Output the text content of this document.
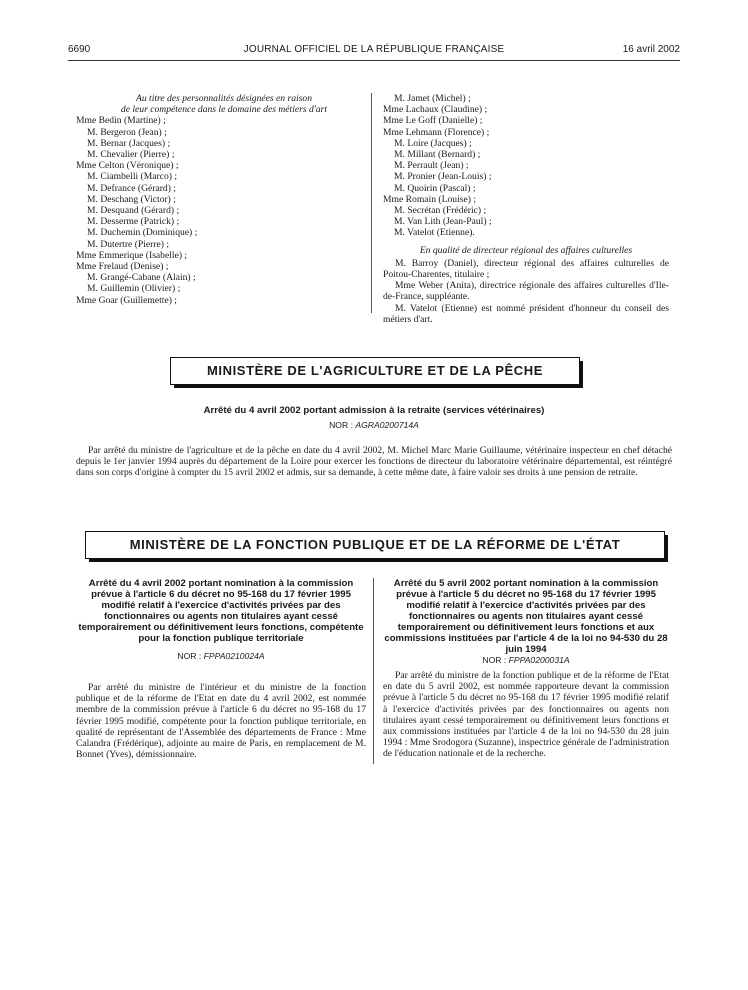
6690	JOURNAL OFFICIEL DE LA RÉPUBLIQUE FRANÇAISE	16 avril 2002
Au titre des personnalités désignées en raison
de leur compétence dans le domaine des métiers d'art
Mme Bedin (Martine) ;
M. Bergeron (Jean) ;
M. Bernar (Jacques) ;
M. Chevalier (Pierre) ;
Mme Celton (Véronique) ;
M. Ciambelli (Marco) ;
M. Defrance (Gérard) ;
M. Deschang (Victor) ;
M. Desquand (Gérard) ;
M. Desserme (Patrick) ;
M. Duchemin (Dominique) ;
M. Dutertre (Pierre) ;
Mme Emmerique (Isabelle) ;
Mme Frelaud (Denise) ;
M. Grangé-Cabane (Alain) ;
M. Guillemin (Olivier) ;
Mme Goar (Guillemette) ;
M. Jamet (Michel) ;
Mme Lachaux (Claudine) ;
Mme Le Goff (Danielle) ;
Mme Lehmann (Florence) ;
M. Loire (Jacques) ;
M. Millant (Bernard) ;
M. Perrault (Jean) ;
M. Pronier (Jean-Louis) ;
M. Quoirin (Pascal) ;
Mme Romain (Louise) ;
M. Secrétan (Frédéric) ;
M. Van Lith (Jean-Paul) ;
M. Vatelot (Etienne).
En qualité de directeur régional des affaires culturelles

M. Barroy (Daniel), directeur régional des affaires culturelles de Poitou-Charentes, titulaire ;

Mme Weber (Anita), directrice régionale des affaires culturelles d'Ile-de-France, suppléante.

M. Vatelot (Etienne) est nommé président d'honneur du conseil des métiers d'art.

MINISTÈRE DE L'AGRICULTURE ET DE LA PÊCHE
Arrêté du 4 avril 2002 portant admission à la retraite (services vétérinaires)
NOR : AGRA0200714A

Par arrêté du ministre de l'agriculture et de la pêche en date du 4 avril 2002, M. Michel Marc Marie Guillaume, vétérinaire inspecteur en chef détaché depuis le 1er janvier 1994 auprès du département de la Loire pour exercer les fonctions de directeur du laboratoire vétérinaire départemental, est réintégré dans son corps d'origine à compter du 15 avril 2002 et admis, sur sa demande, à cette même date, à faire valoir ses droits à une pension de retraite.

MINISTÈRE DE LA FONCTION PUBLIQUE ET DE LA RÉFORME DE L'ÉTAT
Arrêté du 4 avril 2002 portant nomination à la commission prévue à l'article 6 du décret no 95-168 du 17 février 1995 modifié relatif à l'exercice d'activités privées par des fonctionnaires ou agents non titulaires ayant cessé temporairement ou définitivement leurs fonctions, compétente pour la fonction publique territoriale
NOR : FPPA0210024A

Par arrêté du ministre de l'intérieur et du ministre de la fonction publique et de la réforme de l'Etat en date du 4 avril 2002, est nommée membre de la commission prévue à l'article 6 du décret no 95-168 du 17 février 1995 modifié, compétente pour la fonction publique territoriale, en qualité de représentant de l'Assemblée des départements de France : Mme Calandra (Frédérique), adjointe au maire de Paris, en remplacement de M. Bonnet (Yves), démissionnaire.

Arrêté du 5 avril 2002 portant nomination à la commission prévue à l'article 5 du décret no 95-168 du 17 février 1995 modifié relatif à l'exercice d'activités privées par des fonctionnaires ou agents non titulaires ayant cessé temporairement ou définitivement leurs fonctions et aux commissions instituées par l'article 4 de la loi no 94-530 du 28 juin 1994
NOR : FPPA0200031A

Par arrêté du ministre de la fonction publique et de la réforme de l'Etat en date du 5 avril 2002, est nommée rapporteure devant la commission prévue à l'article 5 du décret no 95-168 du 17 février 1995 modifié relatif à l'exercice d'activités privées par des fonctionnaires ou agents non titulaires ayant cessé temporairement ou définitivement leurs fonctions et aux commissions instituées par l'article 4 de la loi no 94-530 du 28 juin 1994 : Mme Srodogora (Suzanne), inspectrice générale de l'administration de l'éducation nationale et de la recherche.
